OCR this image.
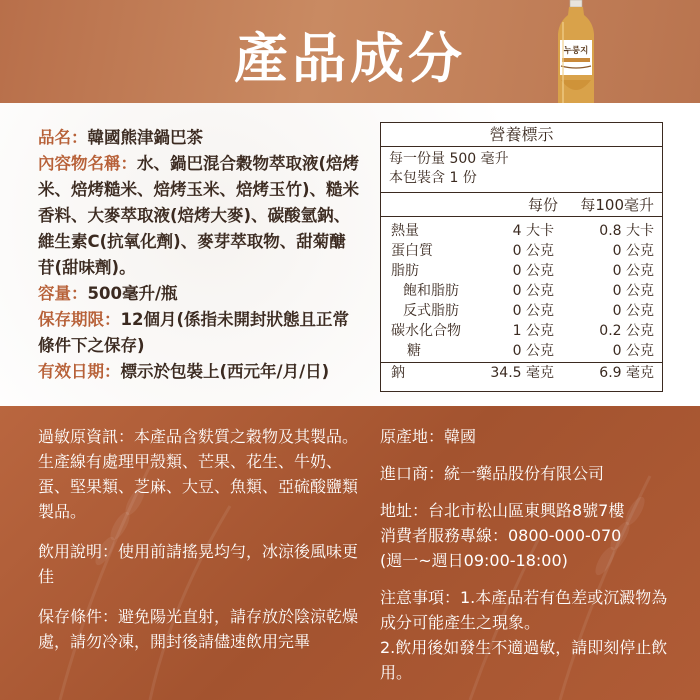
產品成分	누룽지

品名：韓國熊津鍋巴茶

內容物名稱：水、鍋巴混合穀物萃取液(焙烤米、焙烤糙米、焙烤玉米、焙烤玉竹)、糙米香料、大麥萃取液(焙烤大麥)、碳酸氫鈉、維生素C(抗氧化劑)、麥芽萃取物、甜菊醣苷(甜味劑)。

容量：500毫升/瓶

保存期限：12個月(係指未開封狀態且正常條件下之保存)

有效日期：標示於包裝上(西元年/月/日)

營養標示
每一份量 500 毫升
本包裝含 1 份
每份 每100毫升
熱量	4 大卡	0.8 大卡
蛋白質	0 公克	0 公克
脂肪	0 公克	0 公克
飽和脂肪	0 公克	0 公克
反式脂肪	0 公克	0 公克
碳水化合物	1 公克	0.2 公克
糖	0 公克	0 公克
鈉	34.5 毫克	6.9 毫克

過敏原資訊：本產品含麩質之穀物及其製品。生產線有處理甲殼類、芒果、花生、牛奶、蛋、堅果類、芝麻、大豆、魚類、亞硫酸鹽類製品。

飲用說明：使用前請搖晃均勻，冰涼後風味更佳

保存條件：避免陽光直射，請存放於陰涼乾燥處，請勿冷凍，開封後請儘速飲用完畢

原產地：韓國

進口商：統一藥品股份有限公司

地址：台北市松山區東興路8號7樓

消費者服務專線：0800-000-070

(週一~週日09:00-18:00)

注意事項：1.本產品若有色差或沉澱物為成分可能產生之現象。

2.飲用後如發生不適過敏，請即刻停止飲用。
